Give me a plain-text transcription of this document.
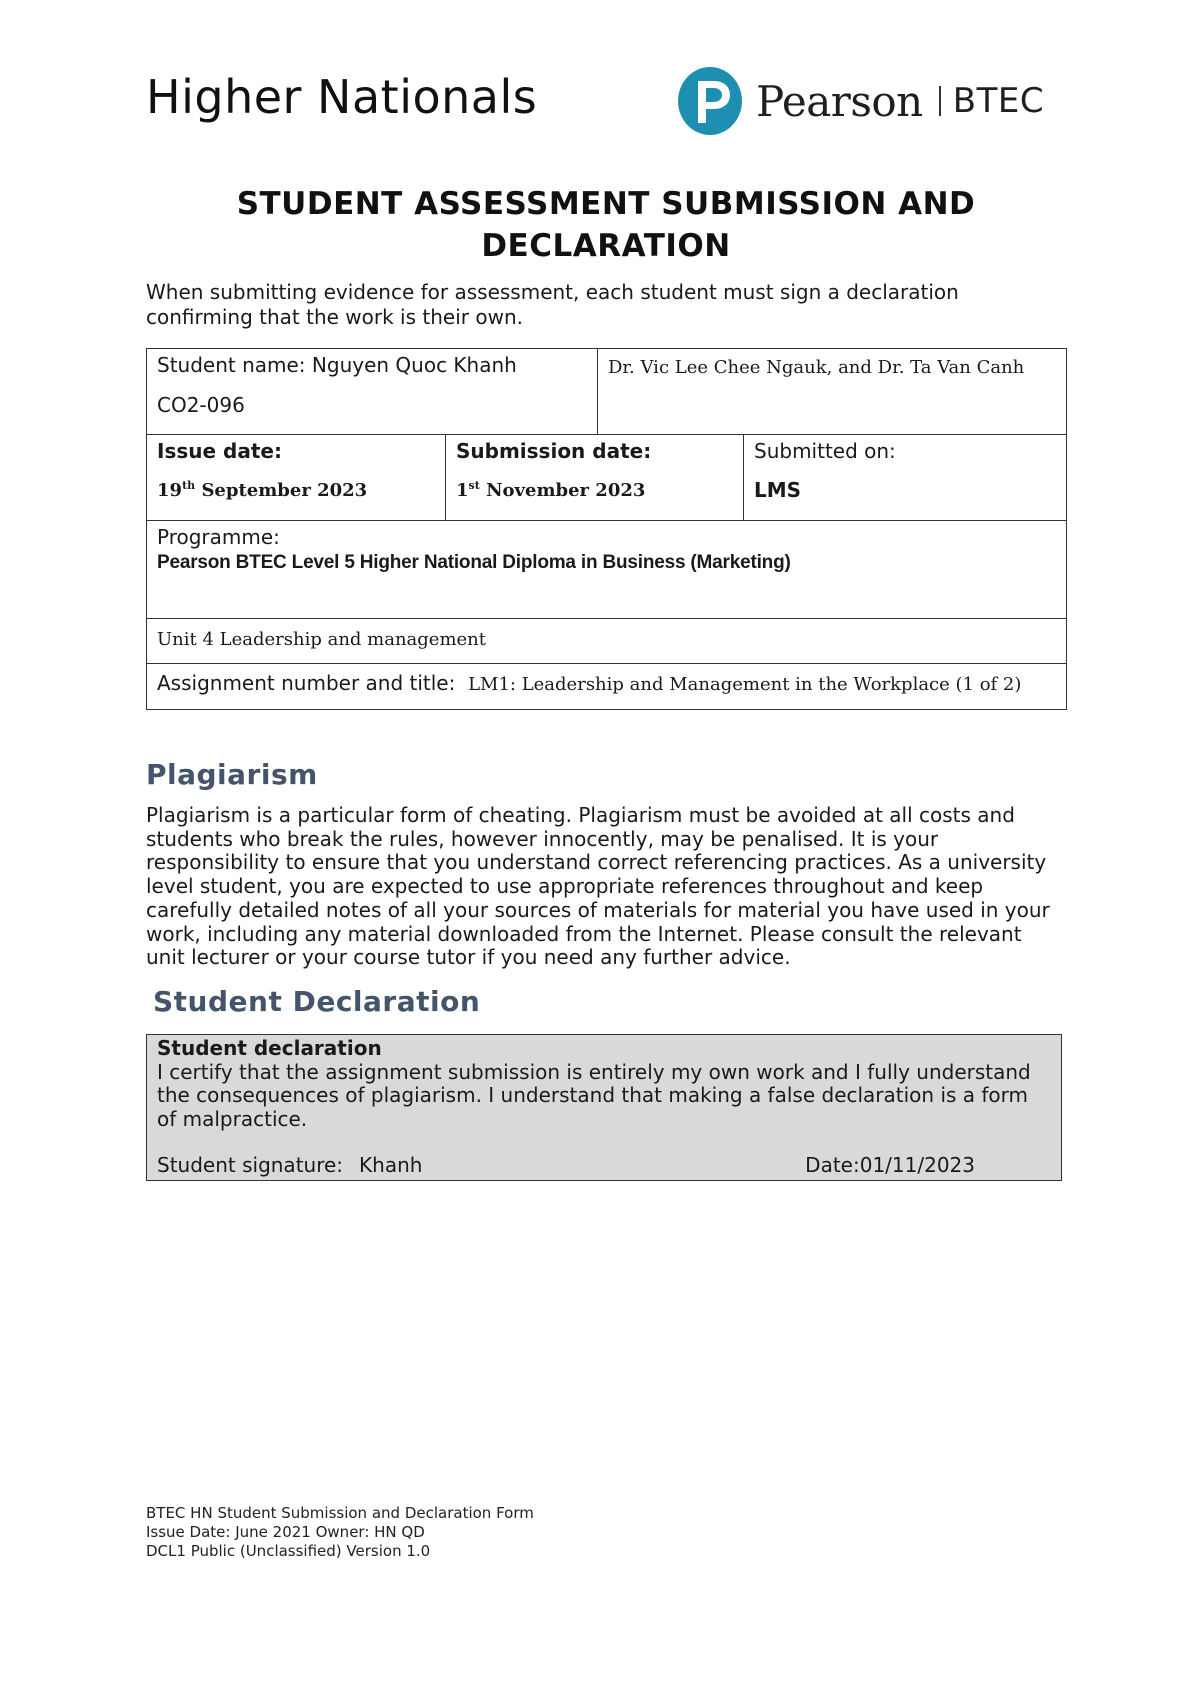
Higher Nationals	Pearson BTEC
STUDENT ASSESSMENT SUBMISSION AND
DECLARATION
When submitting evidence for assessment, each student must sign a declaration confirming that the work is their own.
Student name: Nguyen Quoc Khanh
CO2-096
Dr. Vic Lee Chee Ngauk, and Dr. Ta Van Canh
Issue date:
19th September 2023
Submission date:
1st November 2023
Submitted on:
LMS
Programme:
Pearson BTEC Level 5 Higher National Diploma in Business (Marketing)
Unit 4 Leadership and management
Assignment number and title: LM1: Leadership and Management in the Workplace (1 of 2)
Plagiarism
Plagiarism is a particular form of cheating. Plagiarism must be avoided at all costs and students who break the rules, however innocently, may be penalised. It is your responsibility to ensure that you understand correct referencing practices. As a university level student, you are expected to use appropriate references throughout and keep carefully detailed notes of all your sources of materials for material you have used in your work, including any material downloaded from the Internet. Please consult the relevant unit lecturer or your course tutor if you need any further advice.
Student Declaration
Student declaration
I certify that the assignment submission is entirely my own work and I fully understand the consequences of plagiarism. I understand that making a false declaration is a form of malpractice.
Student signature: Khanh	Date:01/11/2023
BTEC HN Student Submission and Declaration Form
Issue Date: June 2021 Owner: HN QD
DCL1 Public (Unclassified) Version 1.0
